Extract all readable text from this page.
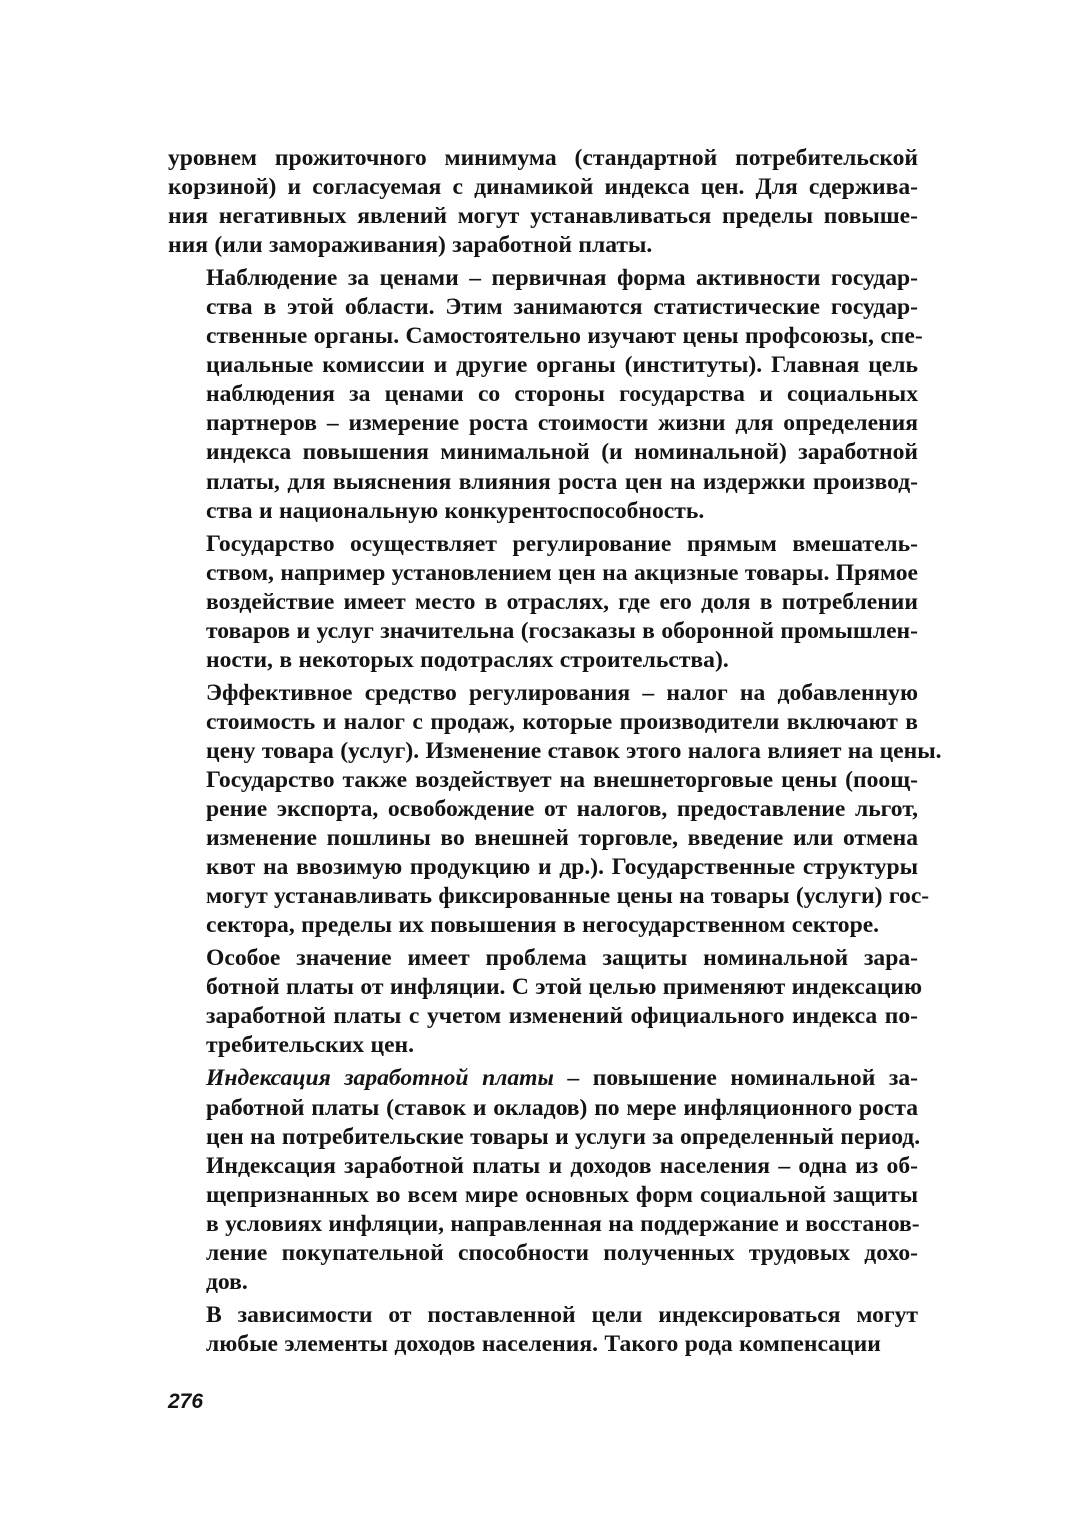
уровнем прожиточного минимума (стандартной потребительской
корзиной) и согласуемая с динамикой индекса цен. Для сдержива-
ния негативных явлений могут устанавливаться пределы повыше-
ния (или замораживания) заработной платы.
Наблюдение за ценами – первичная форма активности государ-
ства в этой области. Этим занимаются статистические государ-
ственные органы. Самостоятельно изучают цены профсоюзы, спе-
циальные комиссии и другие органы (институты). Главная цель
наблюдения за ценами со стороны государства и социальных
партнеров – измерение роста стоимости жизни для определения
индекса повышения минимальной (и номинальной) заработной
платы, для выяснения влияния роста цен на издержки производ-
ства и национальную конкурентоспособность.
Государство осуществляет регулирование прямым вмешатель-
ством, например установлением цен на акцизные товары. Прямое
воздействие имеет место в отраслях, где его доля в потреблении
товаров и услуг значительна (госзаказы в оборонной промышлен-
ности, в некоторых подотраслях строительства).
Эффективное средство регулирования – налог на добавленную
стоимость и налог с продаж, которые производители включают в
цену товара (услуг). Изменение ставок этого налога влияет на цены.
Государство также воздействует на внешнеторговые цены (поощ-
рение экспорта, освобождение от налогов, предоставление льгот,
изменение пошлины во внешней торговле, введение или отмена
квот на ввозимую продукцию и др.). Государственные структуры
могут устанавливать фиксированные цены на товары (услуги) гос-
сектора, пределы их повышения в негосударственном секторе.
Особое значение имеет проблема защиты номинальной зара-
ботной платы от инфляции. С этой целью применяют индексацию
заработной платы с учетом изменений официального индекса по-
требительских цен.
Индексация заработной платы – повышение номинальной за-
работной платы (ставок и окладов) по мере инфляционного роста
цен на потребительские товары и услуги за определенный период.
Индексация заработной платы и доходов населения – одна из об-
щепризнанных во всем мире основных форм социальной защиты
в условиях инфляции, направленная на поддержание и восстанов-
ление покупательной способности полученных трудовых дохо-
дов.
В зависимости от поставленной цели индексироваться могут
любые элементы доходов населения. Такого рода компенсации
276
